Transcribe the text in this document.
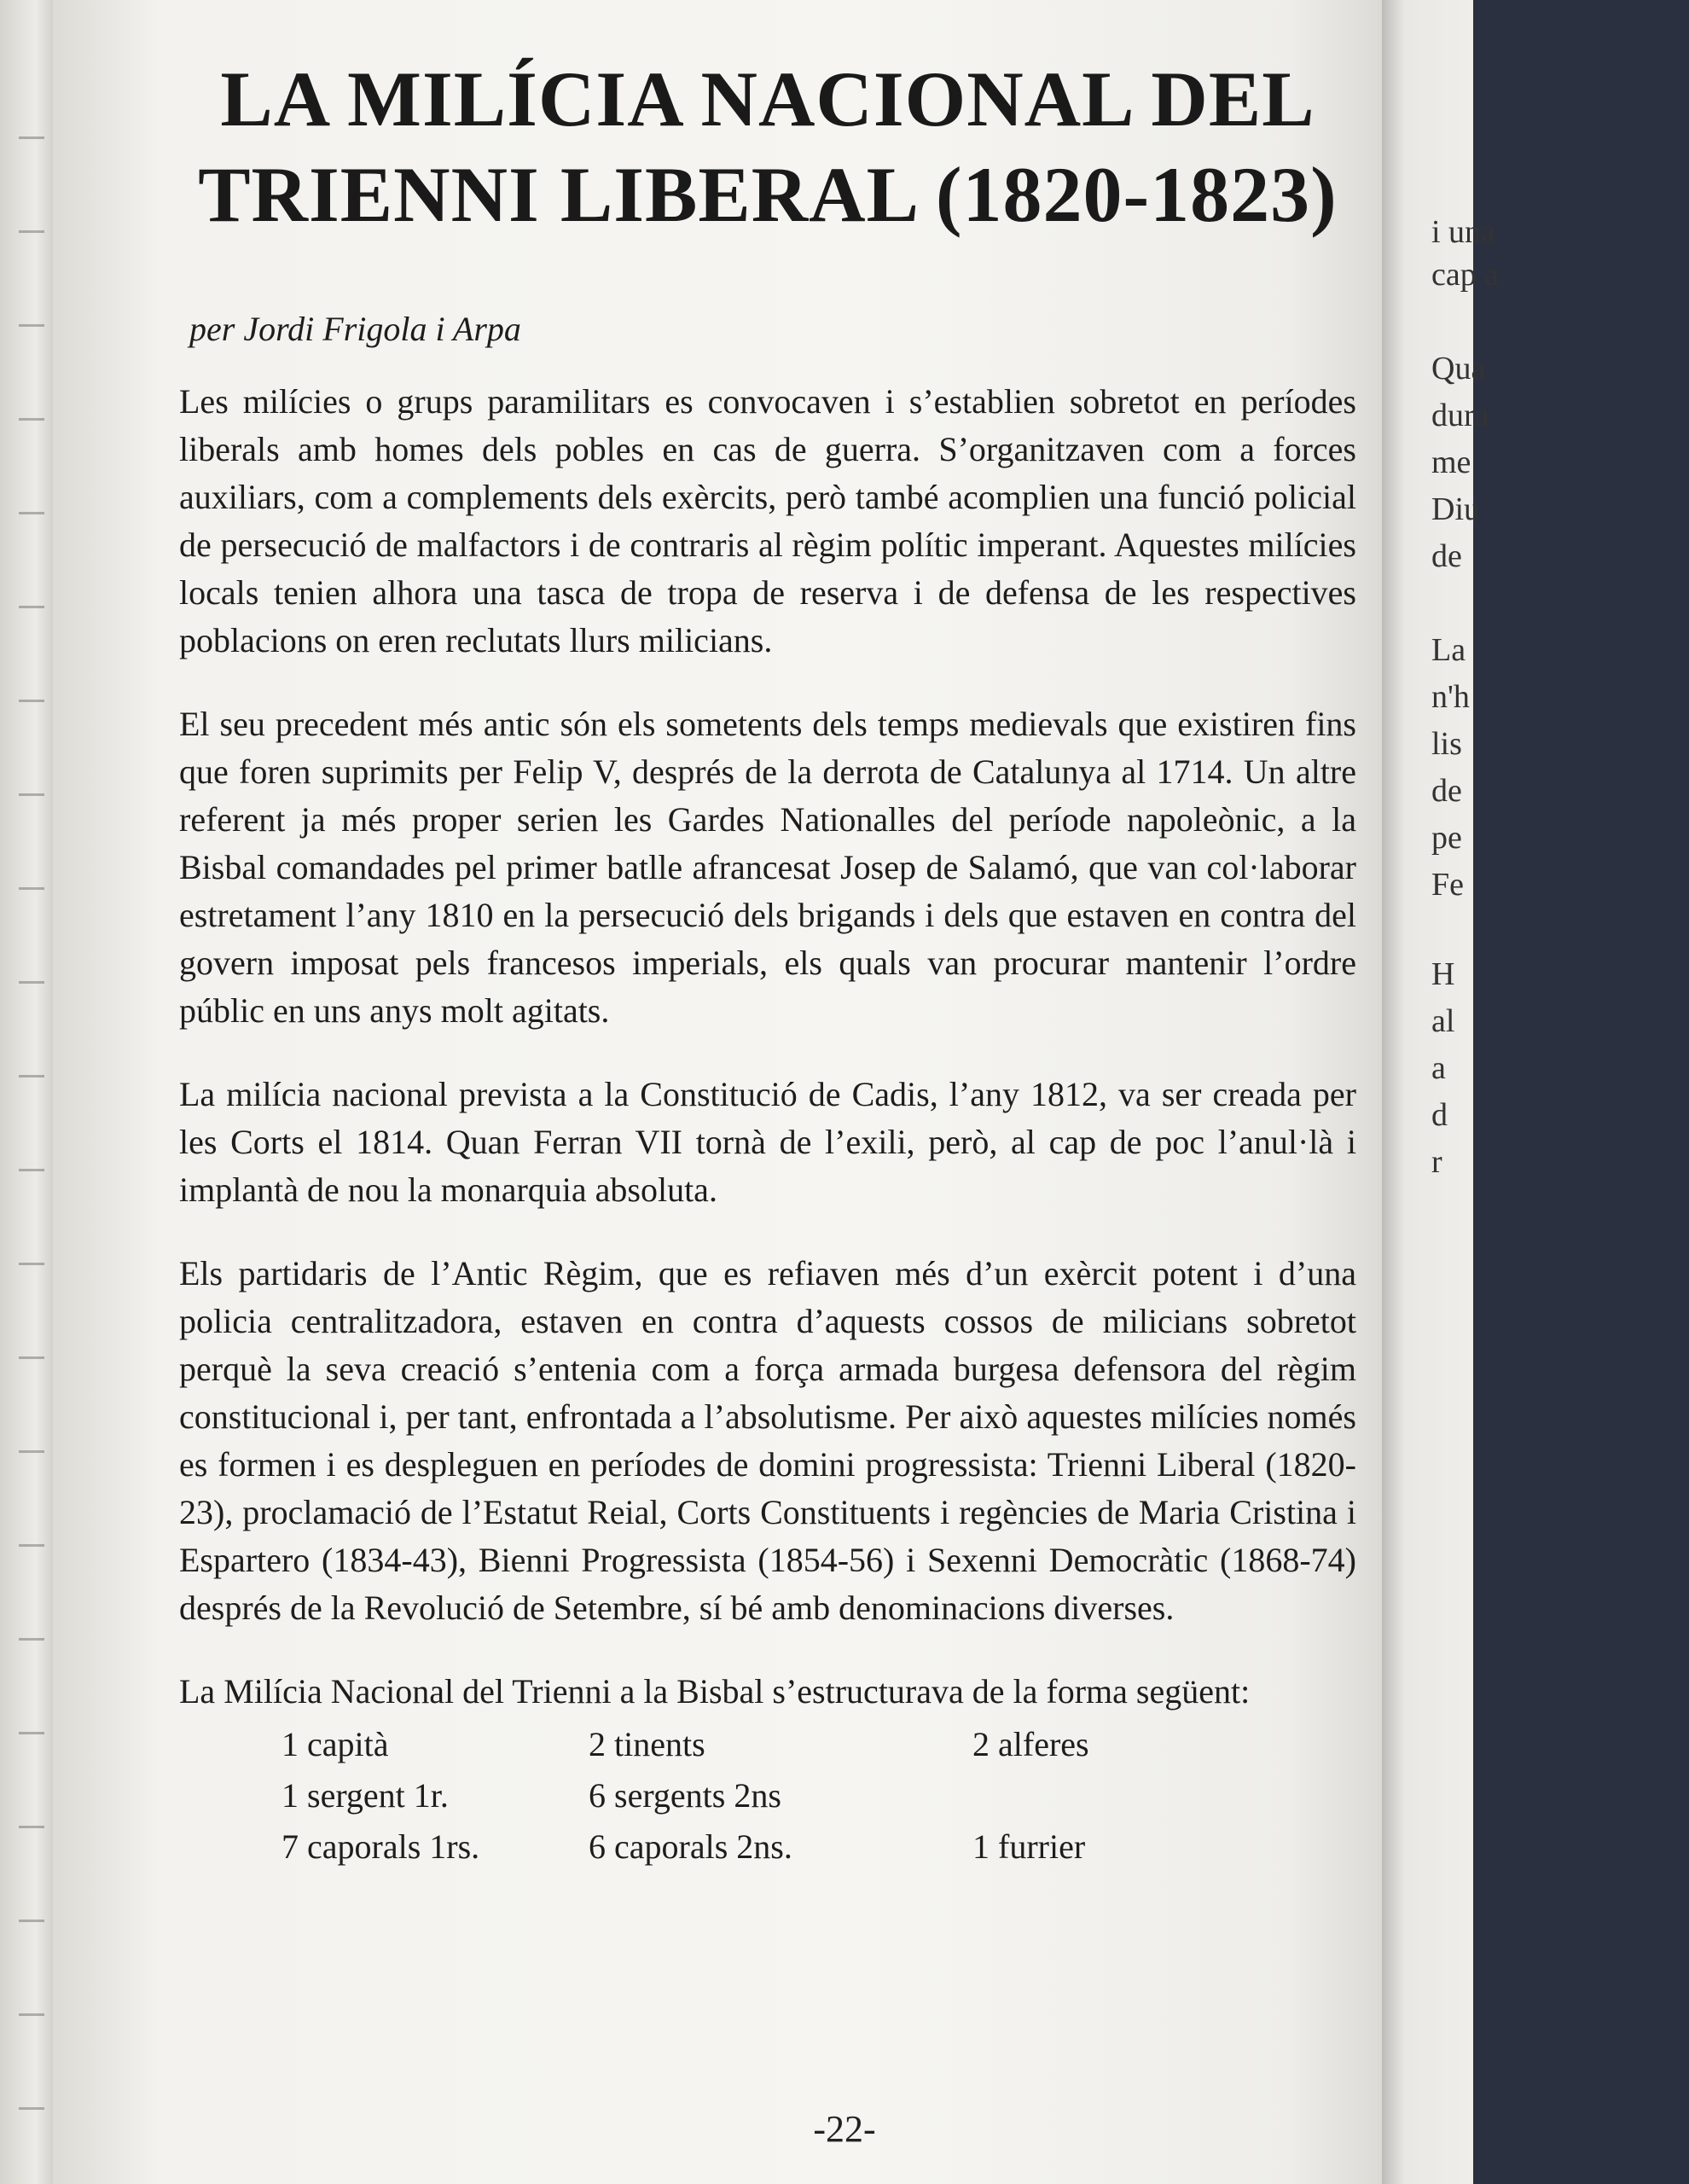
i una
cap a
Qua
dura
me
Diu
de
La
n'h
lis
de
pe
Fe
H
al
a
d
r
LA MILÍCIA NACIONAL DEL TRIENNI LIBERAL (1820-1823)
per Jordi Frigola i Arpa

Les milícies o grups paramilitars es convocaven i s’establien sobretot en períodes liberals amb homes dels pobles en cas de guerra. S’organitzaven com a forces auxiliars, com a complements dels exèrcits, però també acomplien una funció policial de persecució de malfactors i de contraris al règim polític imperant. Aquestes milícies locals tenien alhora una tasca de tropa de reserva i de defensa de les respectives poblacions on eren reclutats llurs milicians.

El seu precedent més antic són els sometents dels temps medievals que existiren fins que foren suprimits per Felip V, després de la derrota de Catalunya al 1714. Un altre referent ja més proper serien les Gardes Nationalles del període napoleònic, a la Bisbal comandades pel primer batlle afrancesat Josep de Salamó, que van col·laborar estretament l’any 1810 en la persecució dels brigands i dels que estaven en contra del govern imposat pels francesos imperials, els quals van procurar mantenir l’ordre públic en uns anys molt agitats.

La milícia nacional prevista a la Constitució de Cadis, l’any 1812, va ser creada per les Corts el 1814. Quan Ferran VII tornà de l’exili, però, al cap de poc l’anul·là i implantà de nou la monarquia absoluta.

Els partidaris de l’Antic Règim, que es refiaven més d’un exèrcit potent i d’una policia centralitzadora, estaven en contra d’aquests cossos de milicians sobretot perquè la seva creació s’entenia com a força armada burgesa defensora del règim constitucional i, per tant, enfrontada a l’absolutisme. Per això aquestes milícies només es formen i es despleguen en períodes de domini progressista: Trienni Liberal (1820-23), proclamació de l’Estatut Reial, Corts Constituents i regències de Maria Cristina i Espartero (1834-43), Bienni Progressista (1854-56) i Sexenni Democràtic (1868-74) després de la Revolució de Setembre, sí bé amb denominacions diverses.

La Milícia Nacional del Trienni a la Bisbal s’estructurava de la forma següent:

1 capità	2 tinents	2 alferes
1 sergent 1r.	6 sergents 2ns
7 caporals 1rs.	6 caporals 2ns.	1 furrier
-22-
